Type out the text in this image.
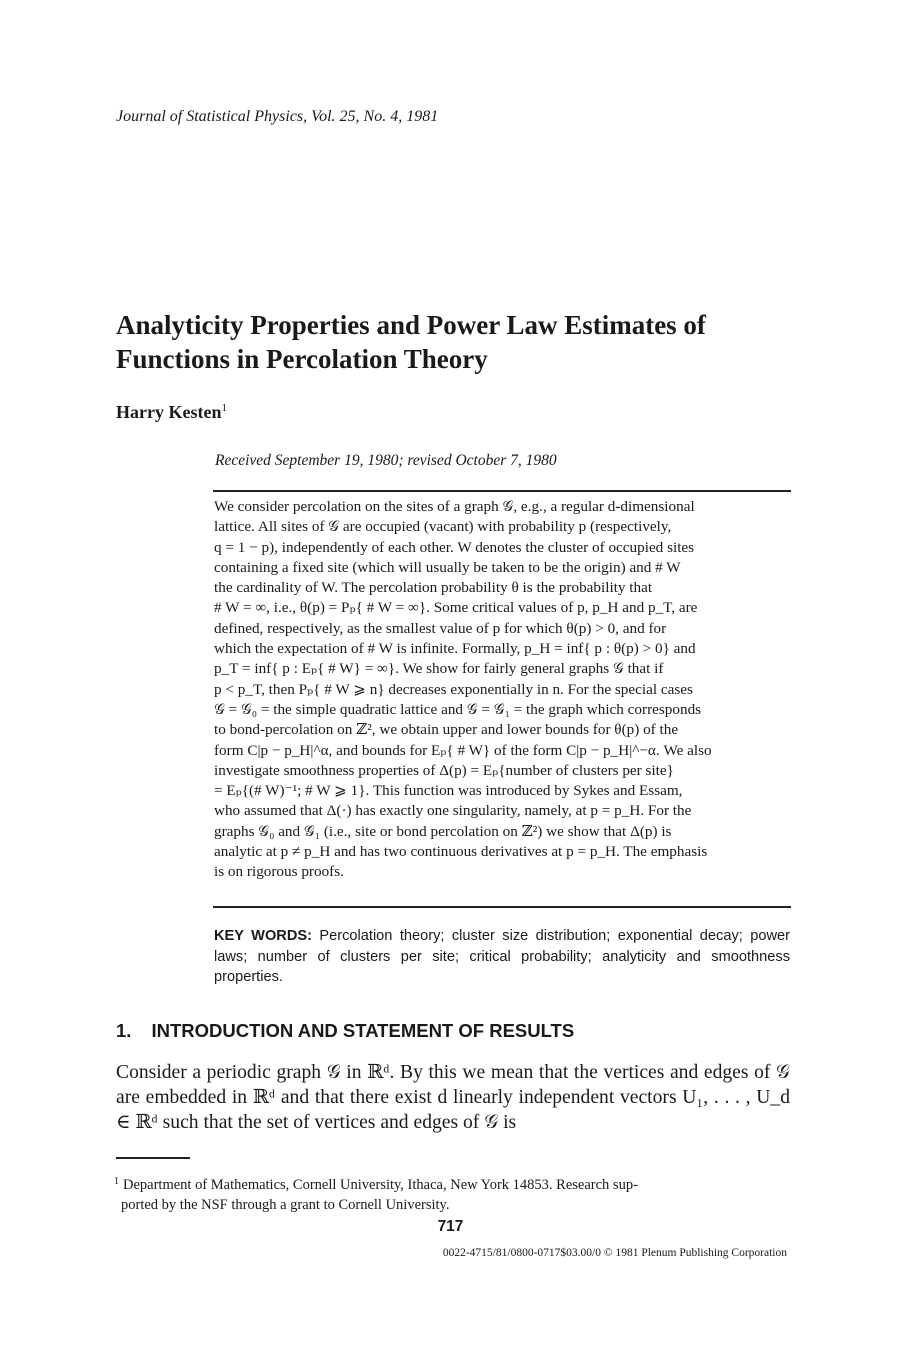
Journal of Statistical Physics, Vol. 25, No. 4, 1981
Analyticity Properties and Power Law Estimates of
Functions in Percolation Theory
Harry Kesten$^1$
Received September 19, 1980; revised October 7, 1980
We consider percolation on the sites of a graph 𝒢, e.g., a regular d-dimensional
lattice. All sites of 𝒢 are occupied (vacant) with probability p (respectively,
q = 1 − p), independently of each other. W denotes the cluster of occupied sites
containing a fixed site (which will usually be taken to be the origin) and # W
the cardinality of W. The percolation probability θ is the probability that
# W = ∞, i.e., θ(p) = Pₚ{ # W = ∞}. Some critical values of p, p_H and p_T, are
defined, respectively, as the smallest value of p for which θ(p) > 0, and for
which the expectation of # W is infinite. Formally, p_H = inf{ p : θ(p) > 0} and
p_T = inf{ p : Eₚ{ # W} = ∞}. We show for fairly general graphs 𝒢 that if
p < p_T, then Pₚ{ # W ⩾ n} decreases exponentially in n. For the special cases
𝒢 = 𝒢₀ = the simple quadratic lattice and 𝒢 = 𝒢₁ = the graph which corresponds
to bond-percolation on ℤ², we obtain upper and lower bounds for θ(p) of the
form C|p − p_H|^α, and bounds for Eₚ{ # W} of the form C|p − p_H|^−α. We also
investigate smoothness properties of Δ(p) = Eₚ{number of clusters per site}
= Eₚ{(# W)⁻¹; # W ⩾ 1}. This function was introduced by Sykes and Essam,
who assumed that Δ(·) has exactly one singularity, namely, at p = p_H. For the
graphs 𝒢₀ and 𝒢₁ (i.e., site or bond percolation on ℤ²) we show that Δ(p) is
analytic at p ≠ p_H and has two continuous derivatives at p = p_H. The emphasis
is on rigorous proofs.
KEY WORDS: Percolation theory; cluster size distribution; exponential decay; power laws; number of clusters per site; critical probability; analyticity and smoothness properties.
1. INTRODUCTION AND STATEMENT OF RESULTS
Consider a periodic graph 𝒢 in ℝᵈ. By this we mean that the vertices and edges of 𝒢 are embedded in ℝᵈ and that there exist d linearly independent vectors U₁, . . . , U_d ∈ ℝᵈ such that the set of vertices and edges of 𝒢 is
$^1$ Department of Mathematics, Cornell University, Ithaca, New York 14853. Research sup-
ported by the NSF through a grant to Cornell University.
717
0022-4715/81/0800-0717$03.00/0 © 1981 Plenum Publishing Corporation
